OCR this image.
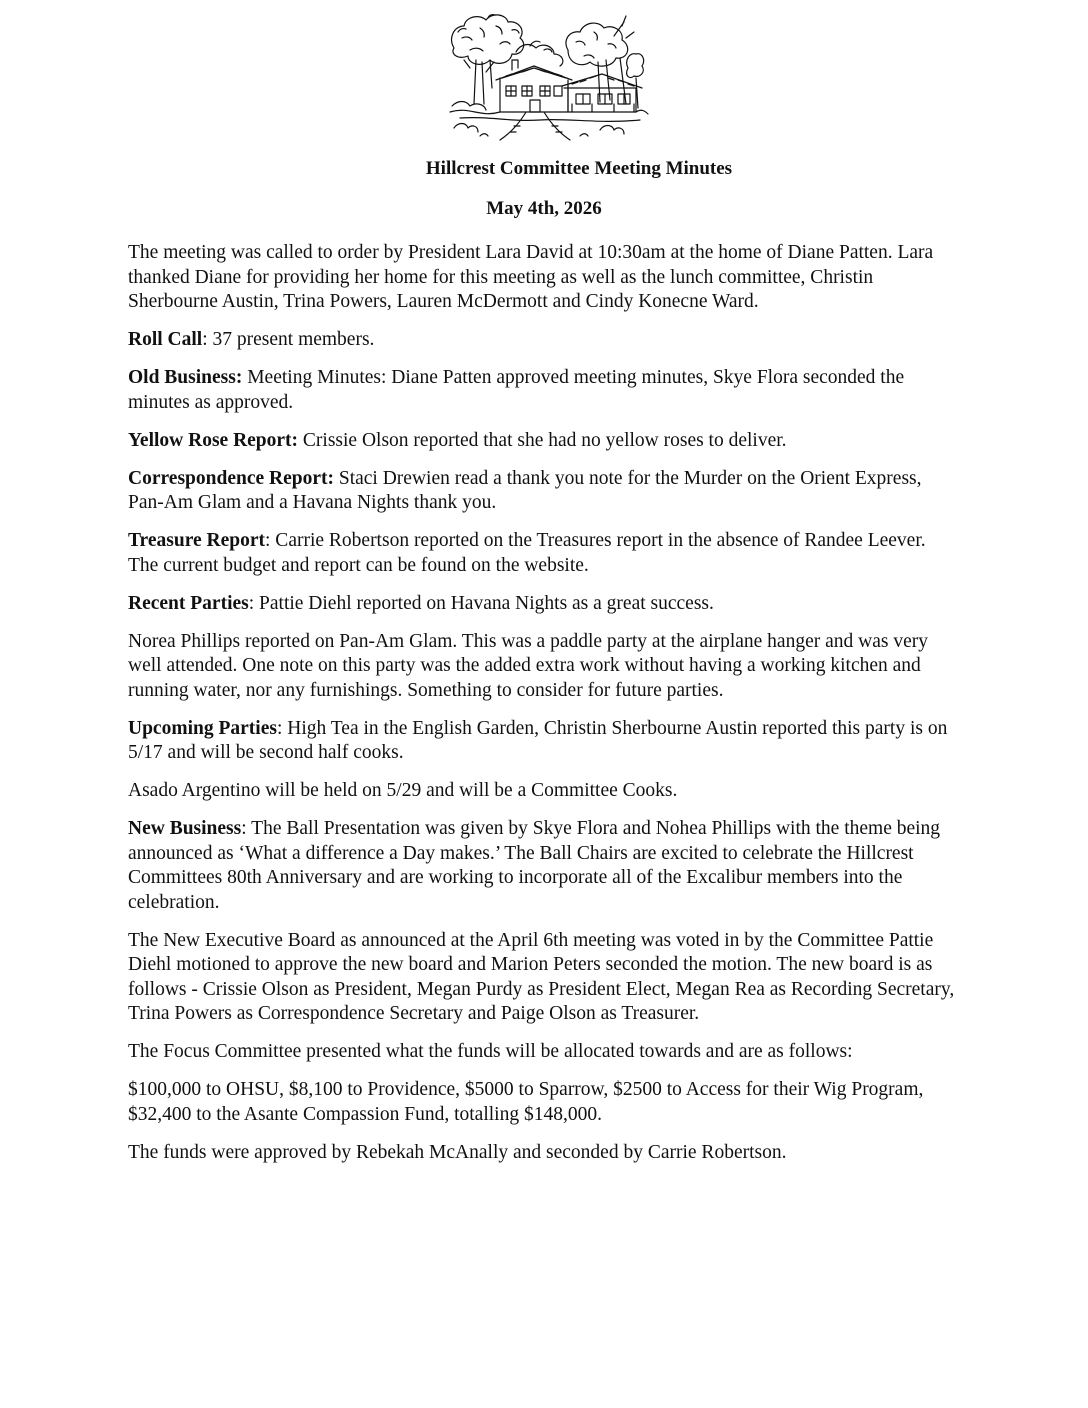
Hillcrest Committee Meeting Minutes
May 4th, 2026

The meeting was called to order by President Lara David at 10:30am at the home of Diane Patten. Lara thanked Diane for providing her home for this meeting as well as the lunch committee, Christin Sherbourne Austin, Trina Powers, Lauren McDermott and Cindy Konecne Ward.

Roll Call: 37 present members.

Old Business: Meeting Minutes: Diane Patten approved meeting minutes, Skye Flora seconded the minutes as approved.

Yellow Rose Report: Crissie Olson reported that she had no yellow roses to deliver.

Correspondence Report: Staci Drewien read a thank you note for the Murder on the Orient Express, Pan-Am Glam and a Havana Nights thank you.

Treasure Report: Carrie Robertson reported on the Treasures report in the absence of Randee Leever. The current budget and report can be found on the website.

Recent Parties: Pattie Diehl reported on Havana Nights as a great success.

Norea Phillips reported on Pan-Am Glam. This was a paddle party at the airplane hanger and was very well attended. One note on this party was the added extra work without having a working kitchen and running water, nor any furnishings. Something to consider for future parties.

Upcoming Parties: High Tea in the English Garden, Christin Sherbourne Austin reported this party is on 5/17 and will be second half cooks.

Asado Argentino will be held on 5/29 and will be a Committee Cooks.

New Business: The Ball Presentation was given by Skye Flora and Nohea Phillips with the theme being announced as ‘What a difference a Day makes.’ The Ball Chairs are excited to celebrate the Hillcrest Committees 80th Anniversary and are working to incorporate all of the Excalibur members into the celebration.

The New Executive Board as announced at the April 6th meeting was voted in by the Committee Pattie Diehl motioned to approve the new board and Marion Peters seconded the motion. The new board is as follows - Crissie Olson as President, Megan Purdy as President Elect, Megan Rea as Recording Secretary, Trina Powers as Correspondence Secretary and Paige Olson as Treasurer.

The Focus Committee presented what the funds will be allocated towards and are as follows:

$100,000 to OHSU, $8,100 to Providence, $5000 to Sparrow, $2500 to Access for their Wig Program, $32,400 to the Asante Compassion Fund, totalling $148,000.

The funds were approved by Rebekah McAnally and seconded by Carrie Robertson.
